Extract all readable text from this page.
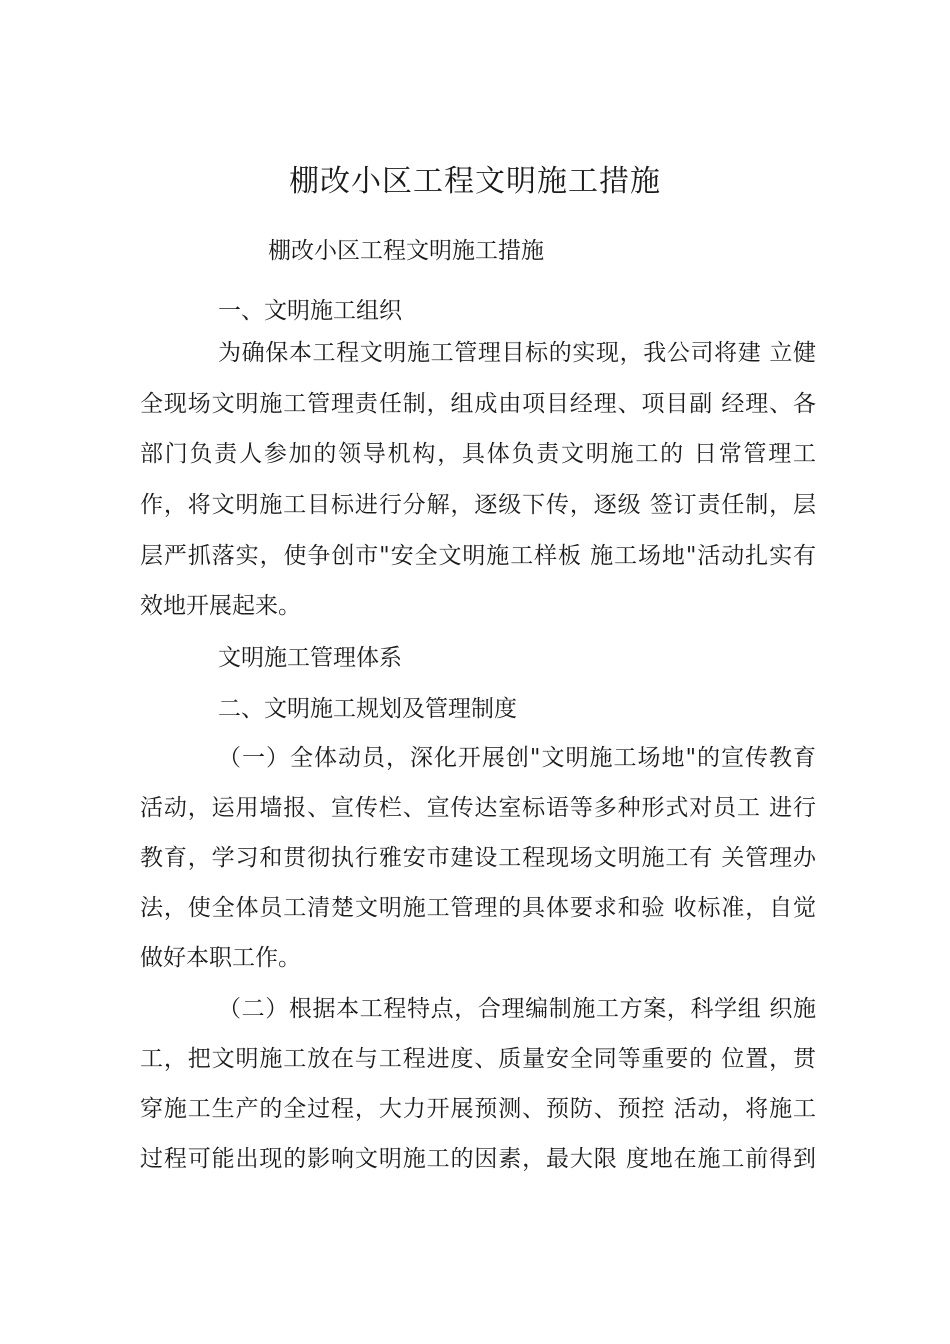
棚改小区工程文明施工措施
棚改小区工程文明施工措施
一、文明施工组织
为确保本工程文明施工管理目标的实现，我公司将建 立健
全现场文明施工管理责任制，组成由项目经理、项目副 经理、各
部门负责人参加的领导机构，具体负责文明施工的 日常管理工
作，将文明施工目标进行分解，逐级下传，逐级 签订责任制，层
层严抓落实，使争创市"安全文明施工样板 施工场地"活动扎实有
效地开展起来。
文明施工管理体系
二、文明施工规划及管理制度
（一）全体动员，深化开展创"文明施工场地"的宣传教育
活动，运用墙报、宣传栏、宣传达室标语等多种形式对员工 进行
教育，学习和贯彻执行雅安市建设工程现场文明施工有 关管理办
法，使全体员工清楚文明施工管理的具体要求和验 收标准，自觉
做好本职工作。
（二）根据本工程特点，合理编制施工方案，科学组 织施
工，把文明施工放在与工程进度、质量安全同等重要的 位置，贯
穿施工生产的全过程，大力开展预测、预防、预控 活动，将施工
过程可能出现的影响文明施工的因素，最大限 度地在施工前得到
